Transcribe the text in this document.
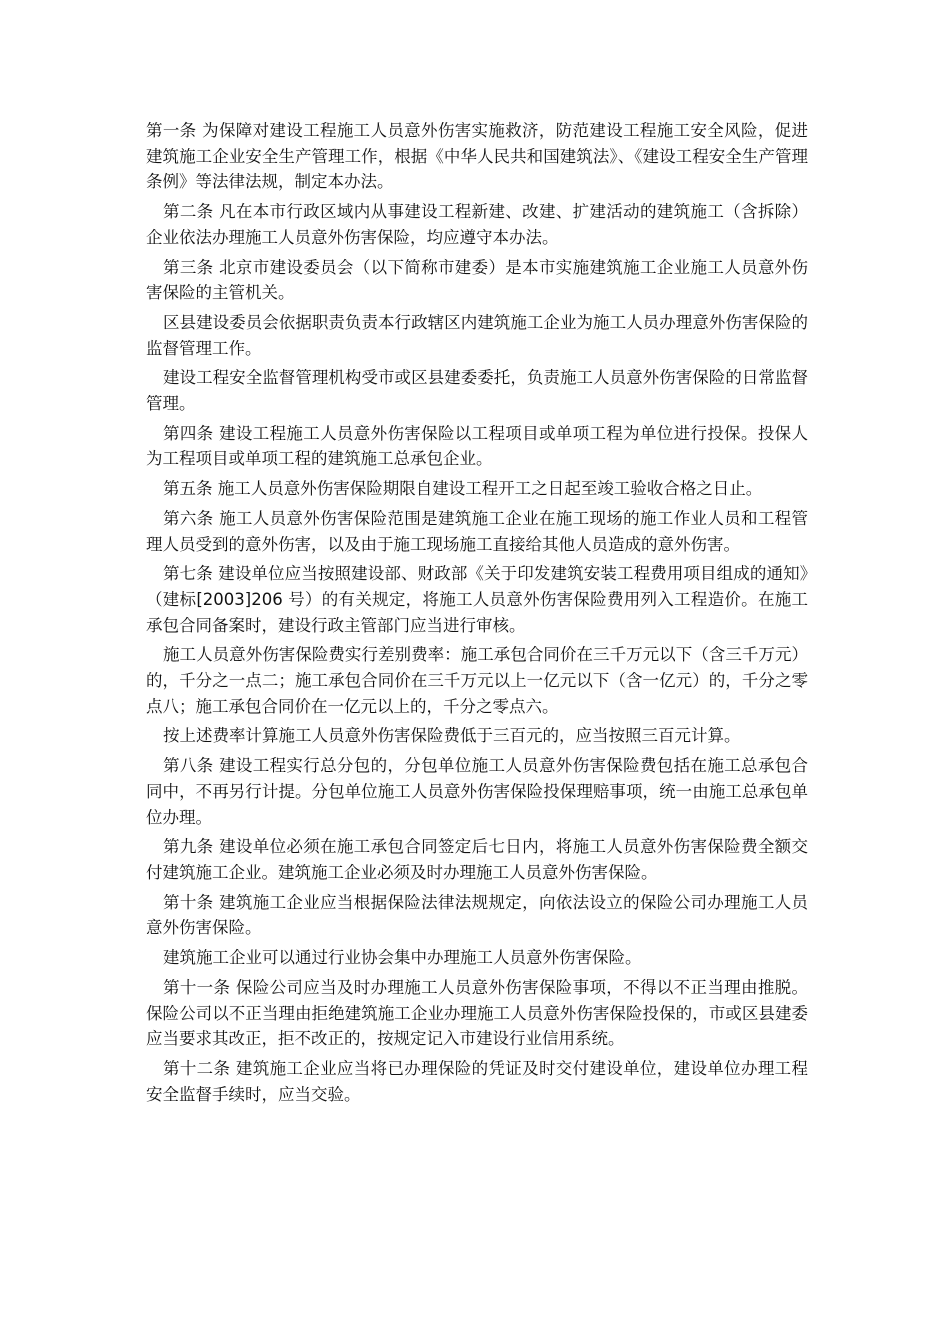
第一条 为保障对建设工程施工人员意外伤害实施救济，防范建设工程施工安全风险，促进建筑施工企业安全生产管理工作，根据《中华人民共和国建筑法》、《建设工程安全生产管理条例》等法律法规，制定本办法。

第二条 凡在本市行政区域内从事建设工程新建、改建、扩建活动的建筑施工（含拆除）企业依法办理施工人员意外伤害保险，均应遵守本办法。

第三条 北京市建设委员会（以下简称市建委）是本市实施建筑施工企业施工人员意外伤害保险的主管机关。

区县建设委员会依据职责负责本行政辖区内建筑施工企业为施工人员办理意外伤害保险的监督管理工作。

建设工程安全监督管理机构受市或区县建委委托，负责施工人员意外伤害保险的日常监督管理。

第四条 建设工程施工人员意外伤害保险以工程项目或单项工程为单位进行投保。投保人为工程项目或单项工程的建筑施工总承包企业。

第五条 施工人员意外伤害保险期限自建设工程开工之日起至竣工验收合格之日止。

第六条 施工人员意外伤害保险范围是建筑施工企业在施工现场的施工作业人员和工程管理人员受到的意外伤害，以及由于施工现场施工直接给其他人员造成的意外伤害。

第七条 建设单位应当按照建设部、财政部《关于印发建筑安装工程费用项目组成的通知》（建标[2003]206 号）的有关规定，将施工人员意外伤害保险费用列入工程造价。在施工承包合同备案时，建设行政主管部门应当进行审核。

施工人员意外伤害保险费实行差别费率：施工承包合同价在三千万元以下（含三千万元）的，千分之一点二；施工承包合同价在三千万元以上一亿元以下（含一亿元）的，千分之零点八；施工承包合同价在一亿元以上的，千分之零点六。

按上述费率计算施工人员意外伤害保险费低于三百元的，应当按照三百元计算。

第八条 建设工程实行总分包的，分包单位施工人员意外伤害保险费包括在施工总承包合同中，不再另行计提。分包单位施工人员意外伤害保险投保理赔事项，统一由施工总承包单位办理。

第九条 建设单位必须在施工承包合同签定后七日内，将施工人员意外伤害保险费全额交付建筑施工企业。建筑施工企业必须及时办理施工人员意外伤害保险。

第十条 建筑施工企业应当根据保险法律法规规定，向依法设立的保险公司办理施工人员意外伤害保险。

建筑施工企业可以通过行业协会集中办理施工人员意外伤害保险。

第十一条 保险公司应当及时办理施工人员意外伤害保险事项，不得以不正当理由推脱。保险公司以不正当理由拒绝建筑施工企业办理施工人员意外伤害保险投保的，市或区县建委应当要求其改正，拒不改正的，按规定记入市建设行业信用系统。

第十二条 建筑施工企业应当将已办理保险的凭证及时交付建设单位，建设单位办理工程安全监督手续时，应当交验。
